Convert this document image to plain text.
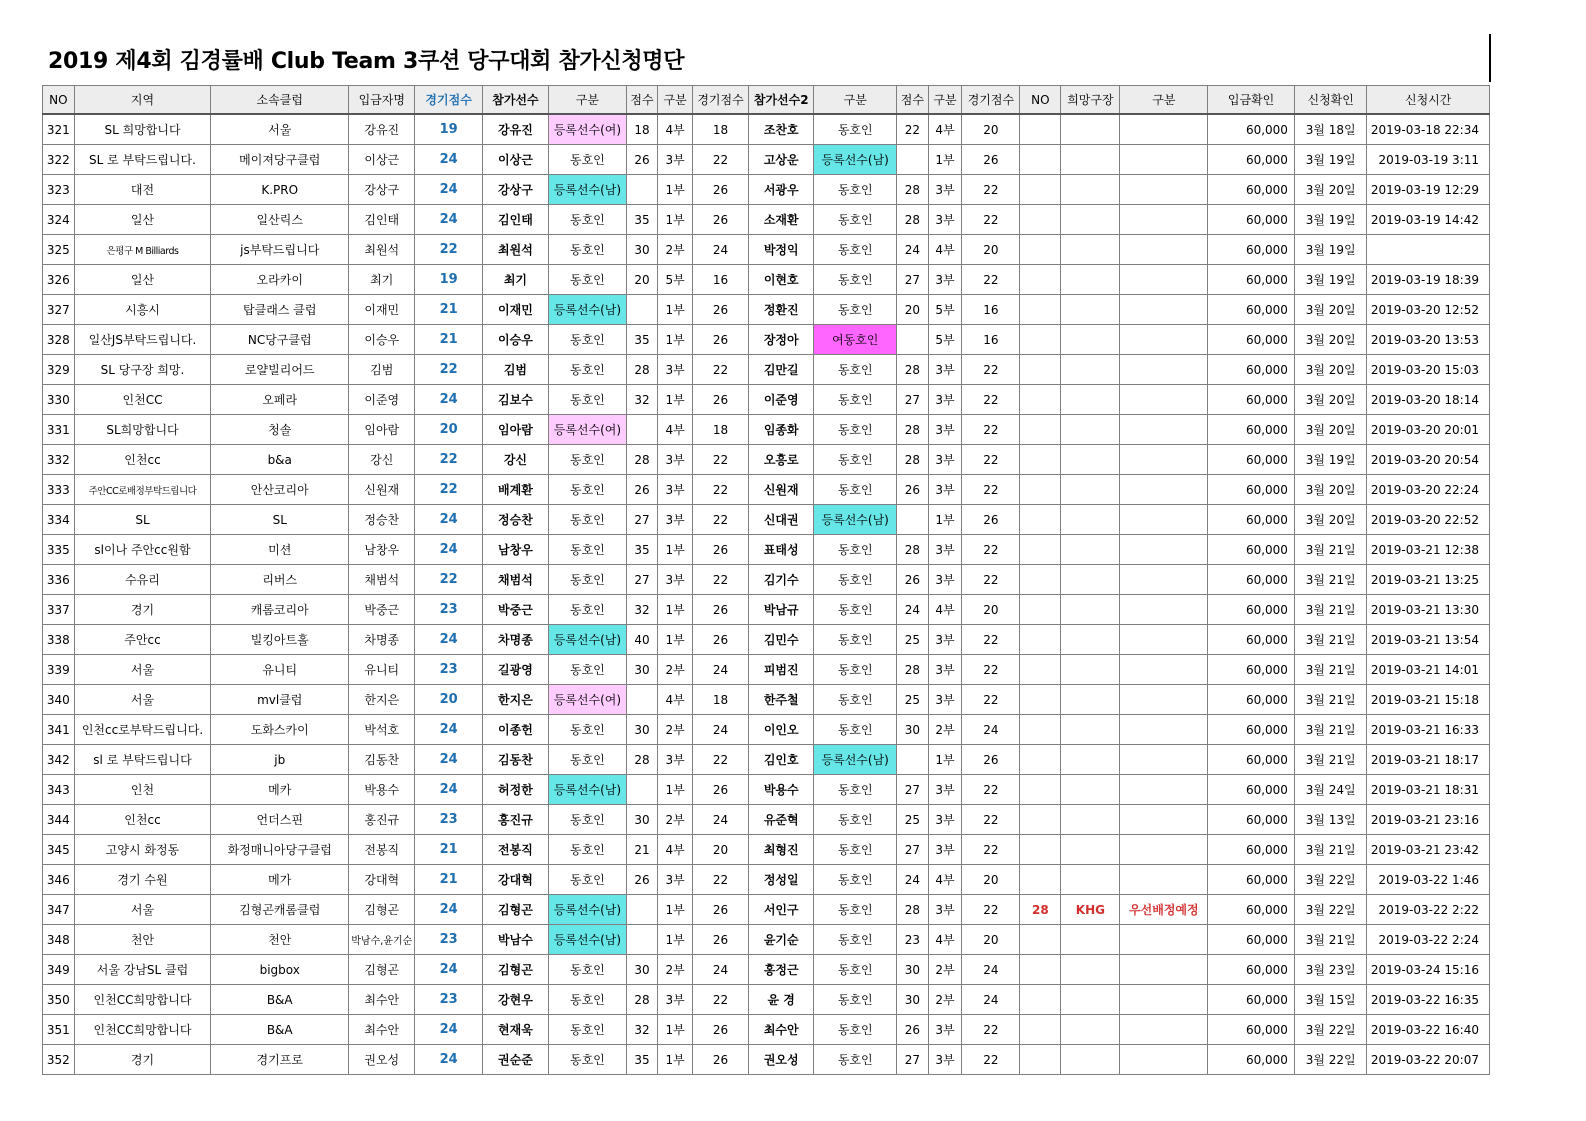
2019 제4회 김경률배 Club Team 3쿠션 당구대회 참가신청명단
NO	지역	소속클럽	입금자명	경기점수	참가선수	구분	점수	구분	경기점수	참가선수2	구분	점수	구분	경기점수	NO	희망구장	구분	입금확인	신청확인	신청시간
321	SL 희망합니다	서울	강유진	19	강유진	등록선수(여)	18	4부	18	조찬호	동호인	22	4부	20				60,000	3월 18일	2019-03-18 22:34
322	SL 로 부탁드립니다.	메이져당구클럽	이상근	24	이상근	동호인	26	3부	22	고상운	등록선수(남)		1부	26				60,000	3월 19일	2019-03-19 3:11
323	대전	K.PRO	강상구	24	강상구	등록선수(남)		1부	26	서광우	동호인	28	3부	22				60,000	3월 20일	2019-03-19 12:29
324	일산	일산릭스	김인태	24	김인태	동호인	35	1부	26	소재환	동호인	28	3부	22				60,000	3월 19일	2019-03-19 14:42
325	은평구 M Billiards	js부탁드립니다	최원석	22	최원석	동호인	30	2부	24	박정익	동호인	24	4부	20				60,000	3월 19일	
326	일산	오라카이	최기	19	최기	동호인	20	5부	16	이현호	동호인	27	3부	22				60,000	3월 19일	2019-03-19 18:39
327	시흥시	탑클래스 클럽	이재민	21	이재민	등록선수(남)		1부	26	정환진	동호인	20	5부	16				60,000	3월 20일	2019-03-20 12:52
328	일산JS부탁드립니다.	NC당구클럽	이승우	21	이승우	동호인	35	1부	26	장정아	여동호인		5부	16				60,000	3월 20일	2019-03-20 13:53
329	SL 당구장 희망.	로얄빌리어드	김범	22	김범	동호인	28	3부	22	김만길	동호인	28	3부	22				60,000	3월 20일	2019-03-20 15:03
330	인천CC	오페라	이준영	24	김보수	동호인	32	1부	26	이준영	동호인	27	3부	22				60,000	3월 20일	2019-03-20 18:14
331	SL희망합니다	청솔	임아람	20	임아람	등록선수(여)		4부	18	임종화	동호인	28	3부	22				60,000	3월 20일	2019-03-20 20:01
332	인천cc	b&a	강신	22	강신	동호인	28	3부	22	오흥로	동호인	28	3부	22				60,000	3월 19일	2019-03-20 20:54
333	주안CC로배정부탁드립니다	안산코리아	신원재	22	배계환	동호인	26	3부	22	신원재	동호인	26	3부	22				60,000	3월 20일	2019-03-20 22:24
334	SL	SL	정승찬	24	정승찬	동호인	27	3부	22	신대권	등록선수(남)		1부	26				60,000	3월 20일	2019-03-20 22:52
335	sl이나 주안cc원함	미션	남창우	24	남창우	동호인	35	1부	26	표태성	동호인	28	3부	22				60,000	3월 21일	2019-03-21 12:38
336	수유리	리버스	채범석	22	채범석	동호인	27	3부	22	김기수	동호인	26	3부	22				60,000	3월 21일	2019-03-21 13:25
337	경기	캐롬코리아	박중근	23	박중근	동호인	32	1부	26	박남규	동호인	24	4부	20				60,000	3월 21일	2019-03-21 13:30
338	주안cc	빌킹아트홀	차명종	24	차명종	등록선수(남)	40	1부	26	김민수	동호인	25	3부	22				60,000	3월 21일	2019-03-21 13:54
339	서울	유니티	유니티	23	길광영	동호인	30	2부	24	피범진	동호인	28	3부	22				60,000	3월 21일	2019-03-21 14:01
340	서울	mvl클럽	한지은	20	한지은	등록선수(여)		4부	18	한주철	동호인	25	3부	22				60,000	3월 21일	2019-03-21 15:18
341	인천cc로부탁드립니다.	도화스카이	박석호	24	이종헌	동호인	30	2부	24	이인오	동호인	30	2부	24				60,000	3월 21일	2019-03-21 16:33
342	sl 로 부탁드립니다	jb	김동찬	24	김동찬	동호인	28	3부	22	김인호	등록선수(남)		1부	26				60,000	3월 21일	2019-03-21 18:17
343	인천	메카	박용수	24	허정한	등록선수(남)		1부	26	박용수	동호인	27	3부	22				60,000	3월 24일	2019-03-21 18:31
344	인천cc	언더스핀	홍진규	23	홍진규	동호인	30	2부	24	유준혁	동호인	25	3부	22				60,000	3월 13일	2019-03-21 23:16
345	고양시 화정동	화정매니아당구클럽	전봉직	21	전봉직	동호인	21	4부	20	최형진	동호인	27	3부	22				60,000	3월 21일	2019-03-21 23:42
346	경기 수원	메가	강대혁	21	강대혁	동호인	26	3부	22	정성일	동호인	24	4부	20				60,000	3월 22일	2019-03-22 1:46
347	서울	김형곤캐롬클럽	김형곤	24	김형곤	등록선수(남)		1부	26	서인구	동호인	28	3부	22	28	KHG	우선배정예정	60,000	3월 22일	2019-03-22 2:22
348	천안	천안	박남수,윤기순	23	박남수	등록선수(남)		1부	26	윤기순	동호인	23	4부	20				60,000	3월 21일	2019-03-22 2:24
349	서울 강남SL 클럽	bigbox	김형곤	24	김형곤	동호인	30	2부	24	홍정근	동호인	30	2부	24				60,000	3월 23일	2019-03-24 15:16
350	인천CC희망합니다	B&A	최수안	23	강현우	동호인	28	3부	22	윤 경	동호인	30	2부	24				60,000	3월 15일	2019-03-22 16:35
351	인천CC희망합니다	B&A	최수안	24	현재욱	동호인	32	1부	26	최수안	동호인	26	3부	22				60,000	3월 22일	2019-03-22 16:40
352	경기	경기프로	권오성	24	권순준	동호인	35	1부	26	권오성	동호인	27	3부	22				60,000	3월 22일	2019-03-22 20:07
